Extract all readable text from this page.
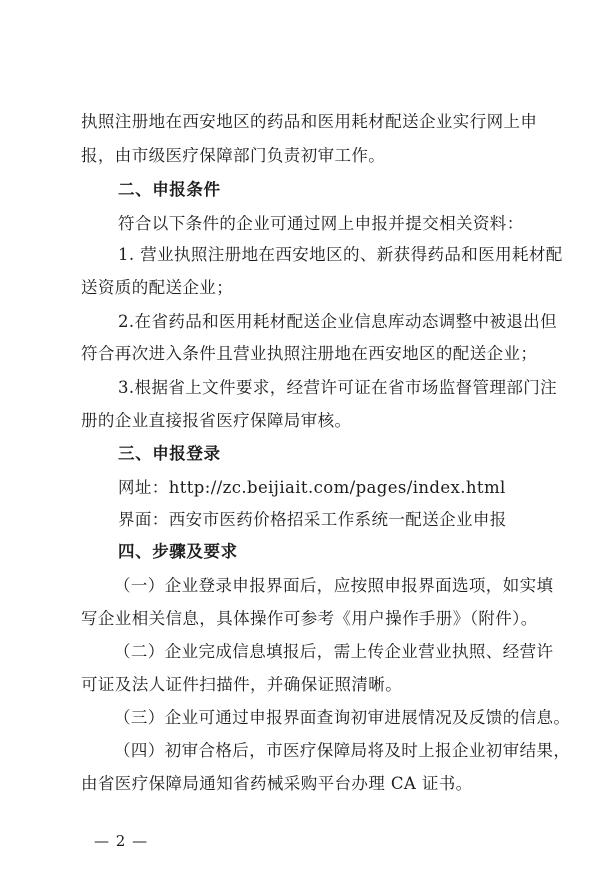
执照注册地在西安地区的药品和医用耗材配送企业实行网上申
报，由市级医疗保障部门负责初审工作。
二、申报条件
符合以下条件的企业可通过网上申报并提交相关资料：
1. 营业执照注册地在西安地区的、新获得药品和医用耗材配
送资质的配送企业；
2.在省药品和医用耗材配送企业信息库动态调整中被退出但
符合再次进入条件且营业执照注册地在西安地区的配送企业；
3.根据省上文件要求，经营许可证在省市场监督管理部门注
册的企业直接报省医疗保障局审核。
三、申报登录
网址：http://zc.beijiait.com/pages/index.html
界面：西安市医药价格招采工作系统一配送企业申报
四、步骤及要求
（一）企业登录申报界面后，应按照申报界面选项，如实填
写企业相关信息，具体操作可参考《用户操作手册》（附件）。
（二）企业完成信息填报后，需上传企业营业执照、经营许
可证及法人证件扫描件，并确保证照清晰。
（三）企业可通过申报界面查询初审进展情况及反馈的信息。
（四）初审合格后，市医疗保障局将及时上报企业初审结果，
由省医疗保障局通知省药械采购平台办理 CA 证书。
— 2 —
